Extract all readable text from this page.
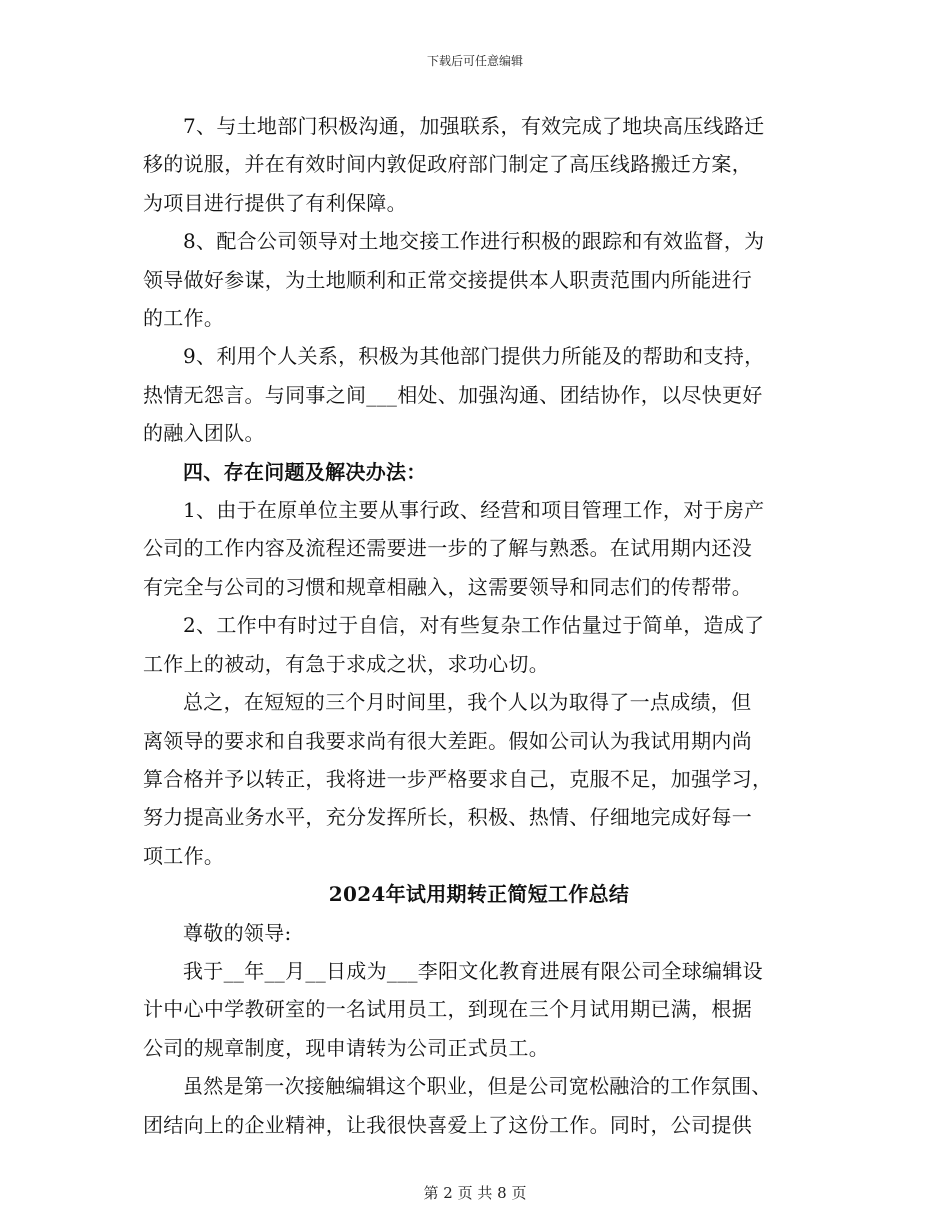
下载后可任意编辑

7、与土地部门积极沟通，加强联系，有效完成了地块高压线路迁
移的说服，并在有效时间内敦促政府部门制定了高压线路搬迁方案，
为项目进行提供了有利保障。

8、配合公司领导对土地交接工作进行积极的跟踪和有效监督，为
领导做好参谋，为土地顺利和正常交接提供本人职责范围内所能进行
的工作。

9、利用个人关系，积极为其他部门提供力所能及的帮助和支持，
热情无怨言。与同事之间___相处、加强沟通、团结协作，以尽快更好
的融入团队。

四、存在问题及解决办法：

1、由于在原单位主要从事行政、经营和项目管理工作，对于房产
公司的工作内容及流程还需要进一步的了解与熟悉。在试用期内还没
有完全与公司的习惯和规章相融入，这需要领导和同志们的传帮带。

2、工作中有时过于自信，对有些复杂工作估量过于简单，造成了
工作上的被动，有急于求成之状，求功心切。

总之，在短短的三个月时间里，我个人以为取得了一点成绩，但
离领导的要求和自我要求尚有很大差距。假如公司认为我试用期内尚
算合格并予以转正，我将进一步严格要求自己，克服不足，加强学习，
努力提高业务水平，充分发挥所长，积极、热情、仔细地完成好每一
项工作。

2024年试用期转正简短工作总结

尊敬的领导:

我于__年__月__日成为___李阳文化教育进展有限公司全球编辑设
计中心中学教研室的一名试用员工，到现在三个月试用期已满，根据
公司的规章制度，现申请转为公司正式员工。

虽然是第一次接触编辑这个职业，但是公司宽松融洽的工作氛围、
团结向上的企业精神，让我很快喜爱上了这份工作。同时，公司提供

第 2 页 共 8 页
